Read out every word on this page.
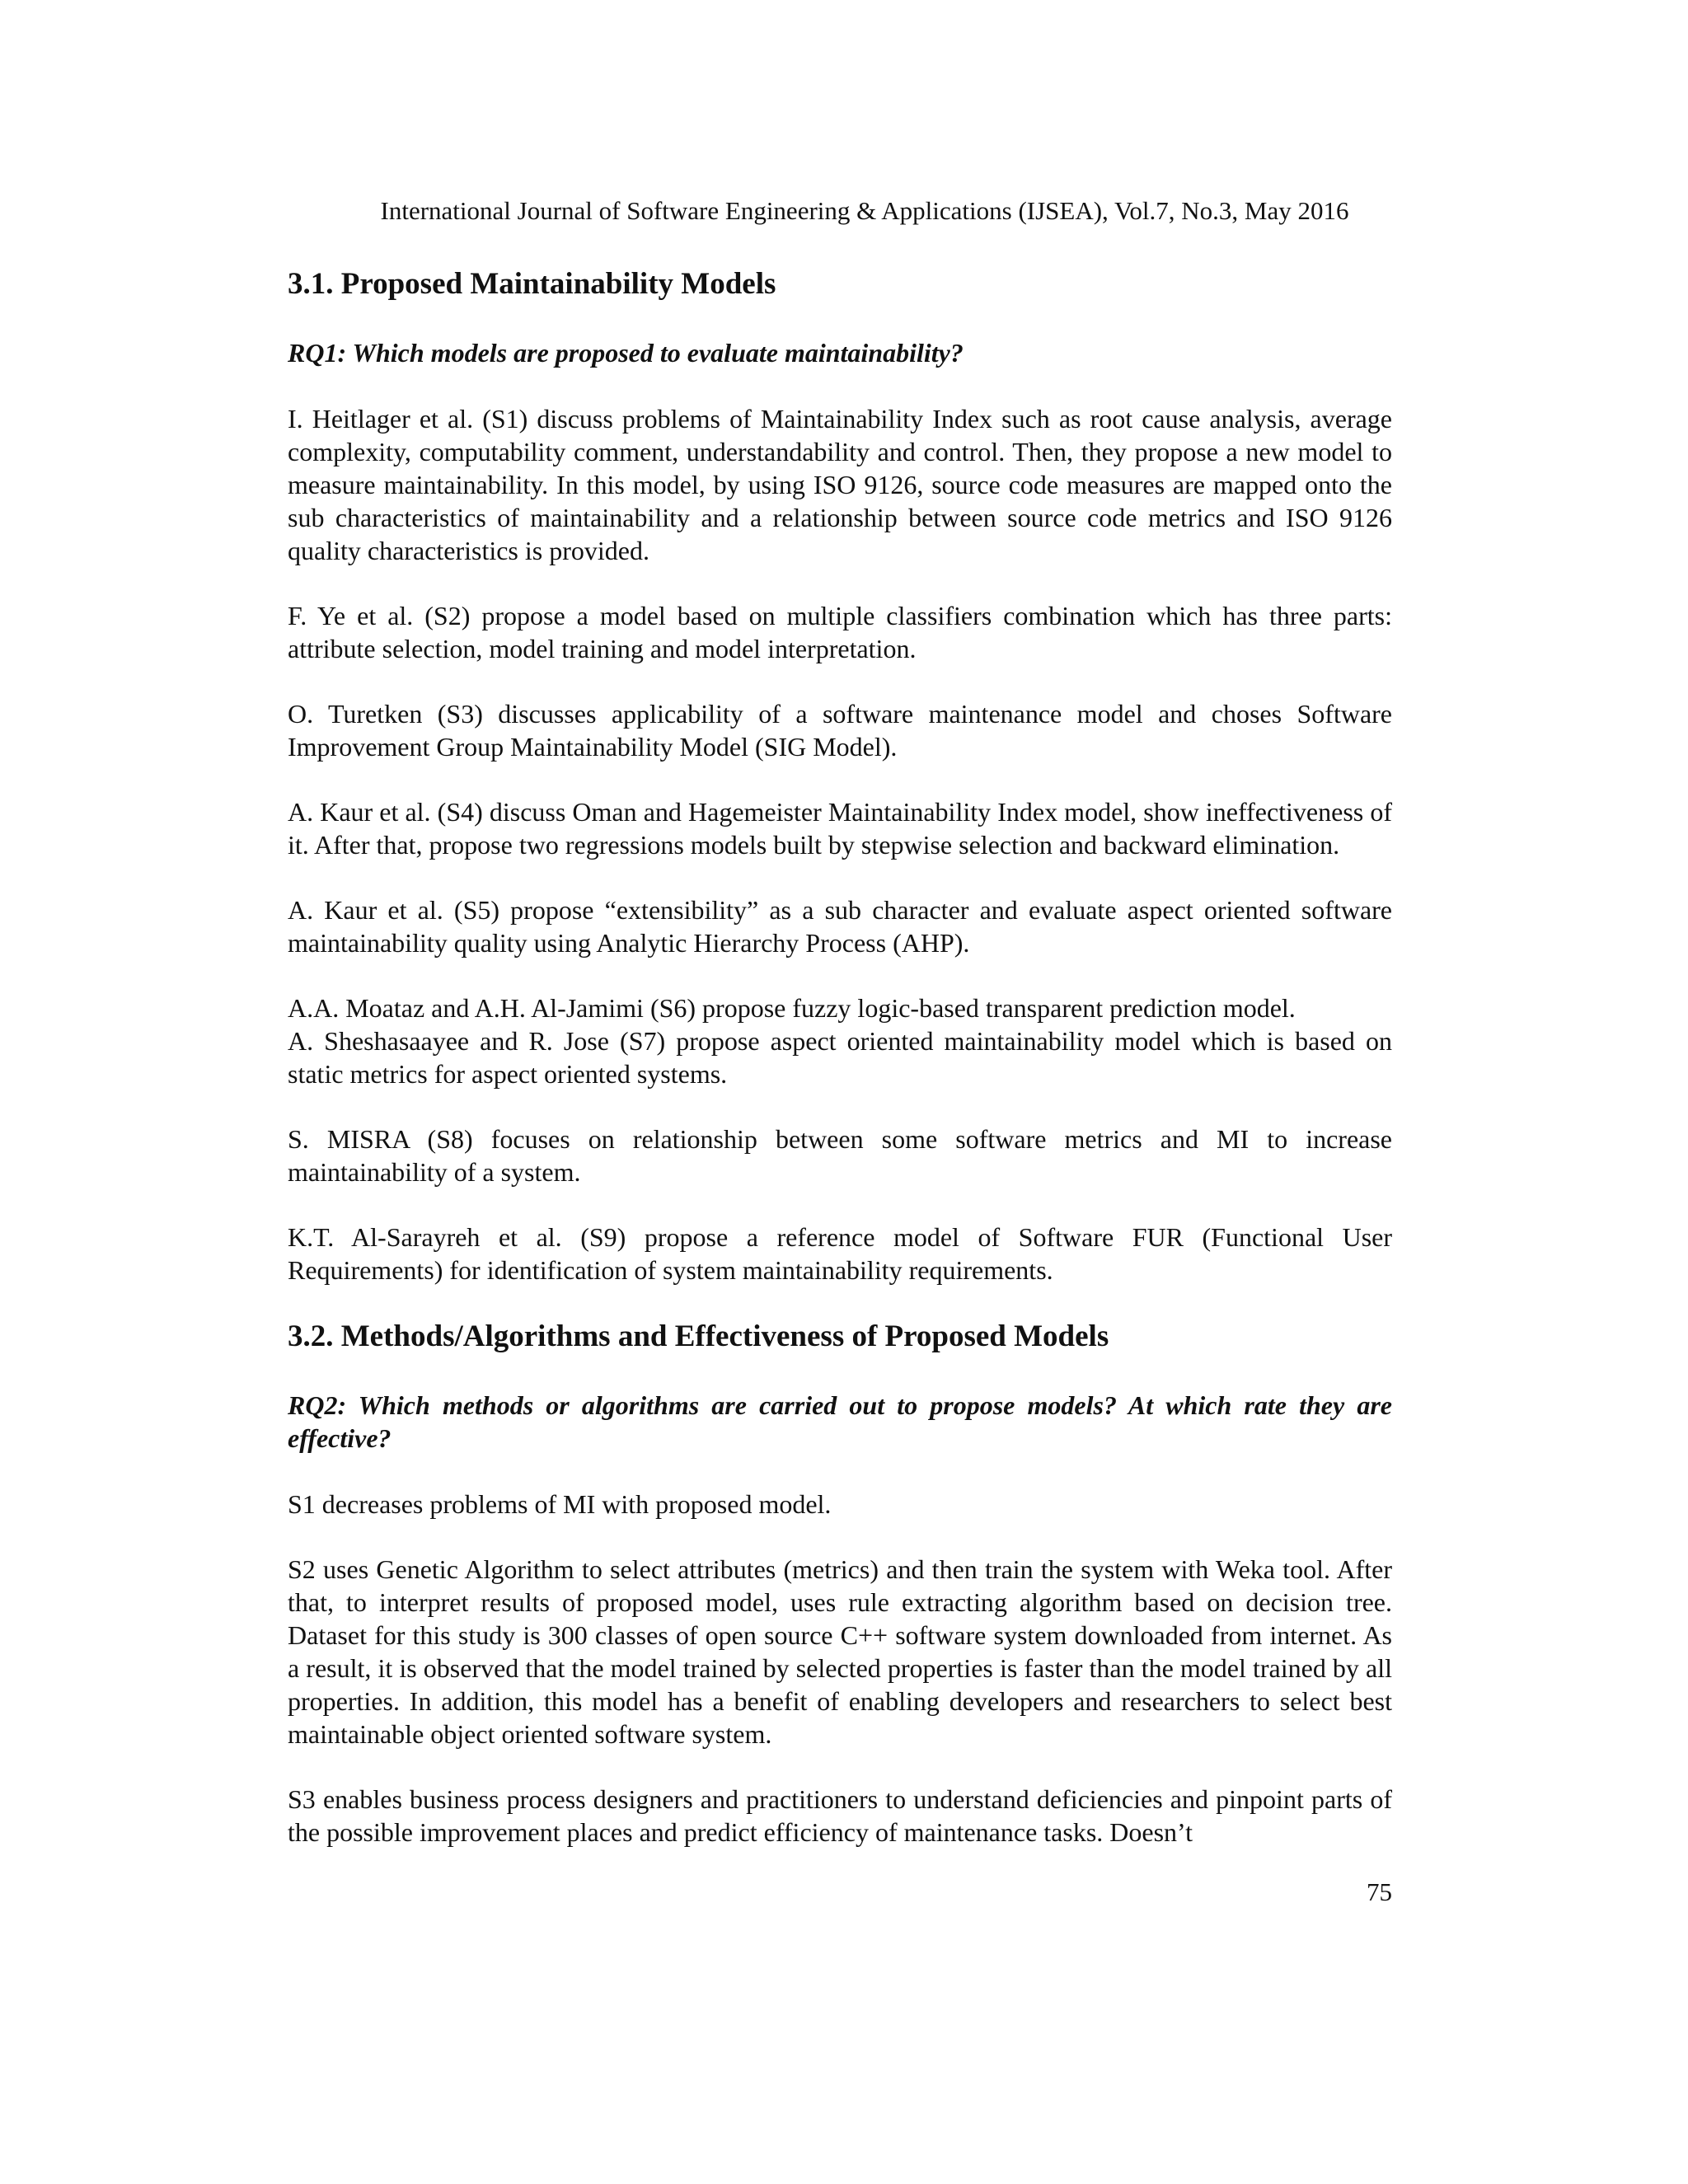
International Journal of Software Engineering & Applications (IJSEA), Vol.7, No.3, May 2016
3.1. Proposed Maintainability Models

RQ1: Which models are proposed to evaluate maintainability?

I. Heitlager et al. (S1) discuss problems of Maintainability Index such as root cause analysis, average complexity, computability comment, understandability and control. Then, they propose a new model to measure maintainability. In this model, by using ISO 9126, source code measures are mapped onto the sub characteristics of maintainability and a relationship between source code metrics and ISO 9126 quality characteristics is provided.

F. Ye et al. (S2) propose a model based on multiple classifiers combination which has three parts: attribute selection, model training and model interpretation.

O. Turetken (S3) discusses applicability of a software maintenance model and choses Software Improvement Group Maintainability Model (SIG Model).

A. Kaur et al. (S4) discuss Oman and Hagemeister Maintainability Index model, show ineffectiveness of it. After that, propose two regressions models built by stepwise selection and backward elimination.

A. Kaur et al. (S5) propose “extensibility” as a sub character and evaluate aspect oriented software maintainability quality using Analytic Hierarchy Process (AHP).

A.A. Moataz and A.H. Al-Jamimi (S6) propose fuzzy logic-based transparent prediction model.

A. Sheshasaayee and R. Jose (S7) propose aspect oriented maintainability model which is based on static metrics for aspect oriented systems.

S. MISRA (S8) focuses on relationship between some software metrics and MI to increase maintainability of a system.

K.T. Al-Sarayreh et al. (S9) propose a reference model of Software FUR (Functional User Requirements) for identification of system maintainability requirements.

3.2. Methods/Algorithms and Effectiveness of Proposed Models

RQ2: Which methods or algorithms are carried out to propose models? At which rate they are effective?

S1 decreases problems of MI with proposed model.

S2 uses Genetic Algorithm to select attributes (metrics) and then train the system with Weka tool. After that, to interpret results of proposed model, uses rule extracting algorithm based on decision tree. Dataset for this study is 300 classes of open source C++ software system downloaded from internet. As a result, it is observed that the model trained by selected properties is faster than the model trained by all properties. In addition, this model has a benefit of enabling developers and researchers to select best maintainable object oriented software system.

S3 enables business process designers and practitioners to understand deficiencies and pinpoint parts of the possible improvement places and predict efficiency of maintenance tasks. Doesn’t

75
